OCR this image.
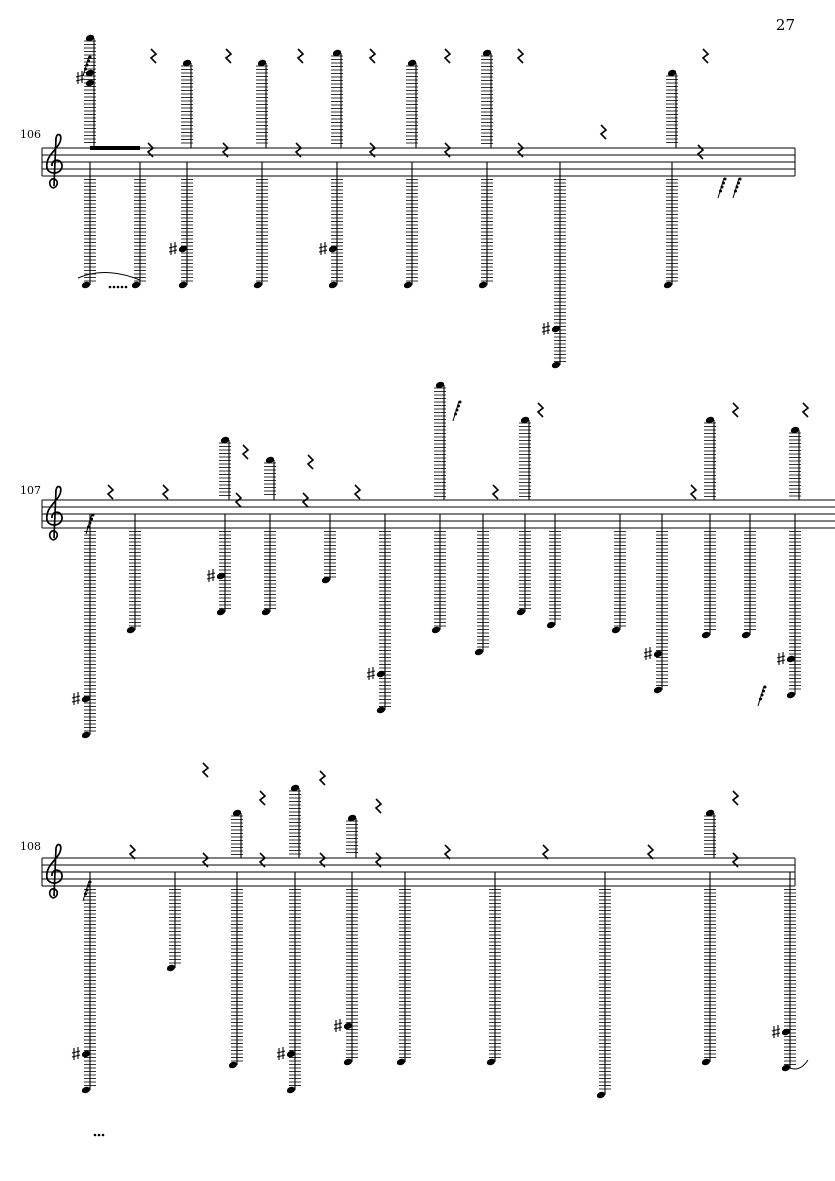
27
106
107
108
